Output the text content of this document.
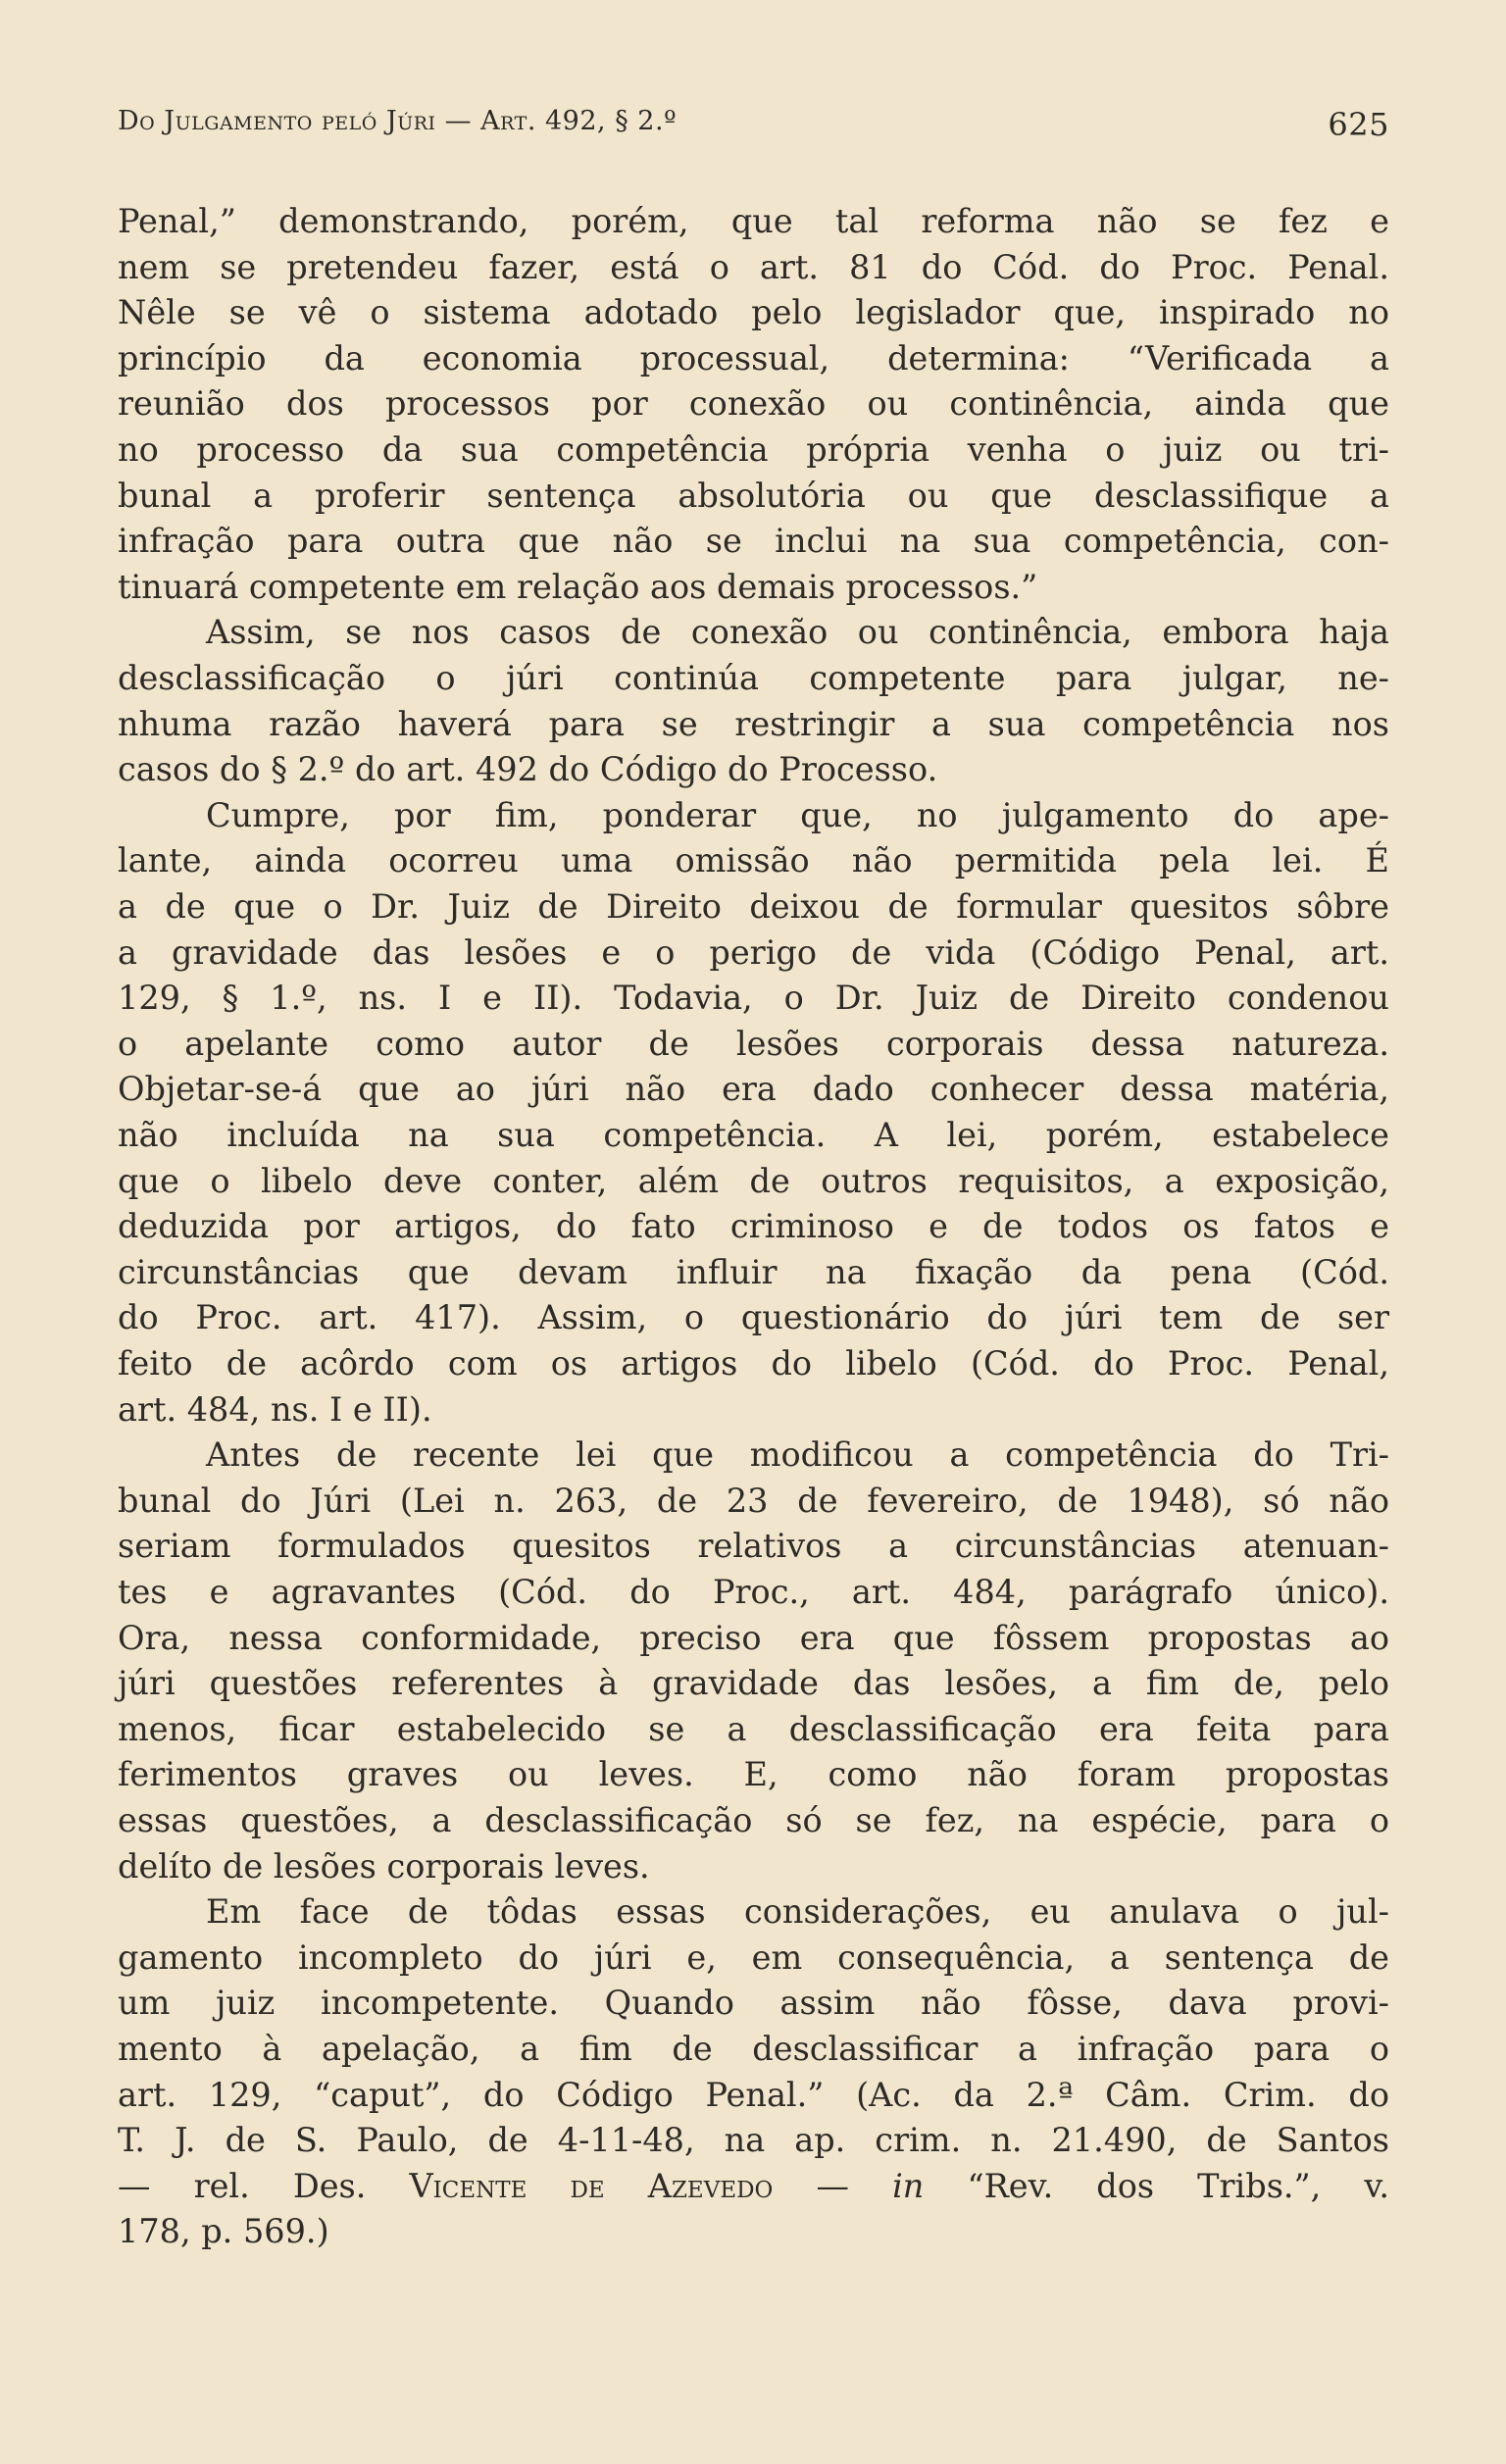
Do Julgamento peló Júri — Art. 492, § 2.º	625
Penal,” demonstrando, porém, que tal reforma não se fez e
nem se pretendeu fazer, está o art. 81 do Cód. do Proc. Penal.
Nêle se vê o sistema adotado pelo legislador que, inspirado no
princípio da economia processual, determina: “Verificada a
reunião dos processos por conexão ou continência, ainda que
no processo da sua competência própria venha o juiz ou tri-
bunal a proferir sentença absolutória ou que desclassifique a
infração para outra que não se inclui na sua competência, con-
tinuará competente em relação aos demais processos.”
Assim, se nos casos de conexão ou continência, embora haja
desclassificação o júri continúa competente para julgar, ne-
nhuma razão haverá para se restringir a sua competência nos
casos do § 2.º do art. 492 do Código do Processo.
Cumpre, por fim, ponderar que, no julgamento do ape-
lante, ainda ocorreu uma omissão não permitida pela lei. É
a de que o Dr. Juiz de Direito deixou de formular quesitos sôbre
a gravidade das lesões e o perigo de vida (Código Penal, art.
129, § 1.º, ns. I e II). Todavia, o Dr. Juiz de Direito condenou
o apelante como autor de lesões corporais dessa natureza.
Objetar-se-á que ao júri não era dado conhecer dessa matéria,
não incluída na sua competência. A lei, porém, estabelece
que o libelo deve conter, além de outros requisitos, a exposição,
deduzida por artigos, do fato criminoso e de todos os fatos e
circunstâncias que devam influir na fixação da pena (Cód.
do Proc. art. 417). Assim, o questionário do júri tem de ser
feito de acôrdo com os artigos do libelo (Cód. do Proc. Penal,
art. 484, ns. I e II).
Antes de recente lei que modificou a competência do Tri-
bunal do Júri (Lei n. 263, de 23 de fevereiro, de 1948), só não
seriam formulados quesitos relativos a circunstâncias atenuan-
tes e agravantes (Cód. do Proc., art. 484, parágrafo único).
Ora, nessa conformidade, preciso era que fôssem propostas ao
júri questões referentes à gravidade das lesões, a fim de, pelo
menos, ficar estabelecido se a desclassificação era feita para
ferimentos graves ou leves. E, como não foram propostas
essas questões, a desclassificação só se fez, na espécie, para o
delíto de lesões corporais leves.
Em face de tôdas essas considerações, eu anulava o jul-
gamento incompleto do júri e, em consequência, a sentença de
um juiz incompetente. Quando assim não fôsse, dava provi-
mento à apelação, a fim de desclassificar a infração para o
art. 129, “caput”, do Código Penal.” (Ac. da 2.ª Câm. Crim. do
T. J. de S. Paulo, de 4-11-48, na ap. crim. n. 21.490, de Santos
— rel. Des. Vicente de Azevedo — in “Rev. dos Tribs.”, v.
178, p. 569.)
